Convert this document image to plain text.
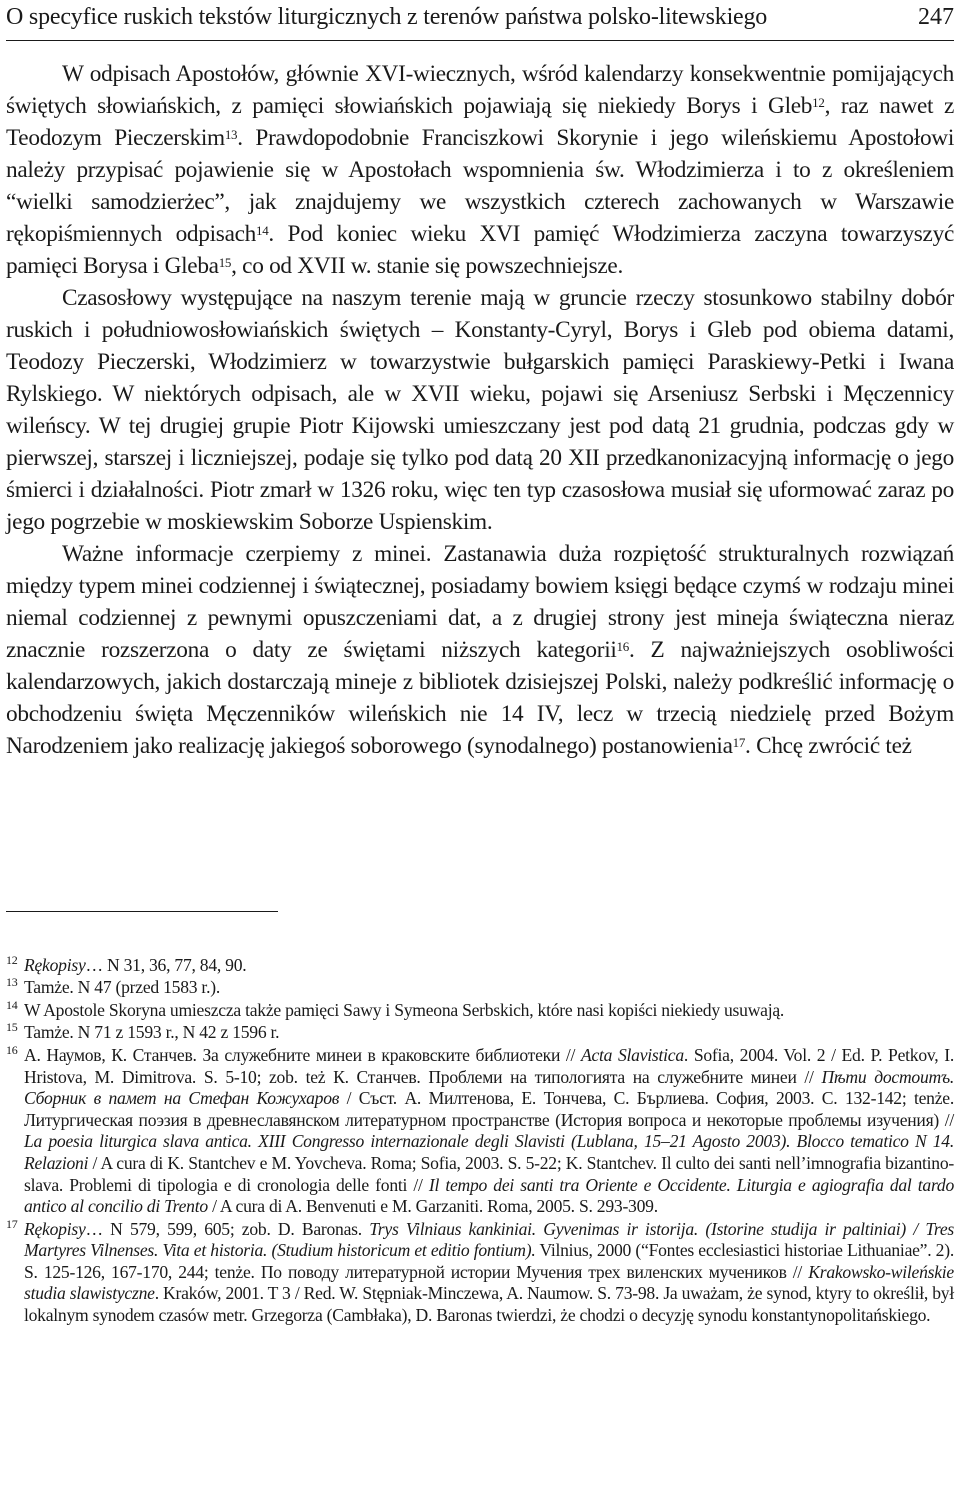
O specyfice ruskich tekstów liturgicznych z terenów państwa polsko-litewskiego	247

W odpisach Apostołów, głównie XVI-wiecznych, wśród kalendarzy konsekwentnie pomijających świętych słowiańskich, z pamięci słowiańskich pojawiają się niekiedy Borys i Gleb$^{12}$, raz nawet z Teodozym Pieczerskim$^{13}$. Prawdopodobnie Franciszkowi Skorynie i jego wileńskiemu Apostołowi należy przypisać pojawienie się w Apostołach wspomnienia św. Włodzimierza i to z określeniem “wielki samodzierżec”, jak znajdujemy we wszystkich czterech zachowanych w Warszawie rękopiśmiennych odpisach$^{14}$. Pod koniec wieku XVI pamięć Włodzimierza zaczyna towarzyszyć pamięci Borysa i Gleba$^{15}$, co od XVII w. stanie się powszechniejsze.

Czasosłowy występujące na naszym terenie mają w gruncie rzeczy stosunkowo stabilny dobór ruskich i południowosłowiańskich świętych – Konstanty-Cyryl, Borys i Gleb pod obiema datami, Teodozy Pieczerski, Włodzimierz w towarzystwie bułgarskich pamięci Paraskiewy-Petki i Iwana Rylskiego. W niektórych odpisach, ale w XVII wieku, pojawi się Arseniusz Serbski i Męczennicy wileńscy. W tej drugiej grupie Piotr Kijowski umieszczany jest pod datą 21 grudnia, podczas gdy w pierwszej, starszej i liczniejszej, podaje się tylko pod datą 20 XII przedkanonizacyjną informację o jego śmierci i działalności. Piotr zmarł w 1326 roku, więc ten typ czasosłowa musiał się uformować zaraz po jego pogrzebie w moskiewskim Soborze Uspienskim.

Ważne informacje czerpiemy z minei. Zastanawia duża rozpiętość strukturalnych rozwiązań między typem minei codziennej i świątecznej, posiadamy bowiem księgi będące czymś w rodzaju minei niemal codziennej z pewnymi opuszczeniami dat, a z drugiej strony jest mineja świąteczna nieraz znacznie rozszerzona o daty ze świętami niższych kategorii$^{16}$. Z najważniejszych osobliwości kalendarzowych, jakich dostarczają mineje z bibliotek dzisiejszej Polski, należy podkreślić informację o obchodzeniu święta Męczenników wileńskich nie 14 IV, lecz w trzecią niedzielę przed Bożym Narodzeniem jako realizację jakiegoś soborowego (synodalnego) postanowienia$^{17}$. Chcę zwrócić też

12 Rękopisy… N 31, 36, 77, 84, 90.
13 Tamże. N 47 (przed 1583 r.).
14 W Apostole Skoryna umieszcza także pamięci Sawy i Symeona Serbskich, które nasi kopiści niekiedy usuwają.
15 Tamże. N 71 z 1593 r., N 42 z 1596 r.
16 А. Наумов, К. Станчев. За служебните минеи в краковските библиотеки // Acta Slavistica. Sofia, 2004. Vol. 2 / Ed. P. Petkov, I. Hristova, M. Dimitrova. S. 5-10; zob. też К. Станчев. Проблеми на типологията на служебните минеи // Пѣти достоитъ. Сборник в памет на Стефан Кожухаров / Съст. А. Милтенова, Е. Тончева, С. Бърлиева. София, 2003. С. 132-142; tenże. Литургическая поэзия в древнеславянском литературном пространстве (История вопроса и некоторые проблемы изучения) // La poesia liturgica slava antica. XIII Congresso internazionale degli Slavisti (Lublana, 15–21 Agosto 2003). Blocco tematico N 14. Relazioni / A cura di K. Stantchev e M. Yovcheva. Roma; Sofia, 2003. S. 5-22; K. Stantchev. Il culto dei santi nell’imnografia bizantino-slava. Problemi di tipologia e di cronologia delle fonti // Il tempo dei santi tra Oriente e Occidente. Liturgia e agiografia dal tardo antico al concilio di Trento / A cura di A. Benvenuti e M. Garzaniti. Roma, 2005. S. 293-309.
17 Rękopisy… N 579, 599, 605; zob. D. Baronas. Trys Vilniaus kankiniai. Gyvenimas ir istorija. (Istorine studija ir paltiniai) / Tres Martyres Vilnenses. Vita et historia. (Studium historicum et editio fontium). Vilnius, 2000 (“Fontes ecclesiastici historiae Lithuaniae”. 2). S. 125-126, 167-170, 244; tenże. По поводу литературной истории Мучения трех виленских мучеников // Krakowsko-wileńskie studia slawistyczne. Kraków, 2001. T 3 / Red. W. Stępniak-Minczewa, A. Naumow. S. 73-98. Ja uważam, że synod, ktyry to określił, był lokalnym synodem czasów metr. Grzegorza (Cambłaka), D. Baronas twierdzi, że chodzi o decyzję synodu konstantynopolitańskiego.
